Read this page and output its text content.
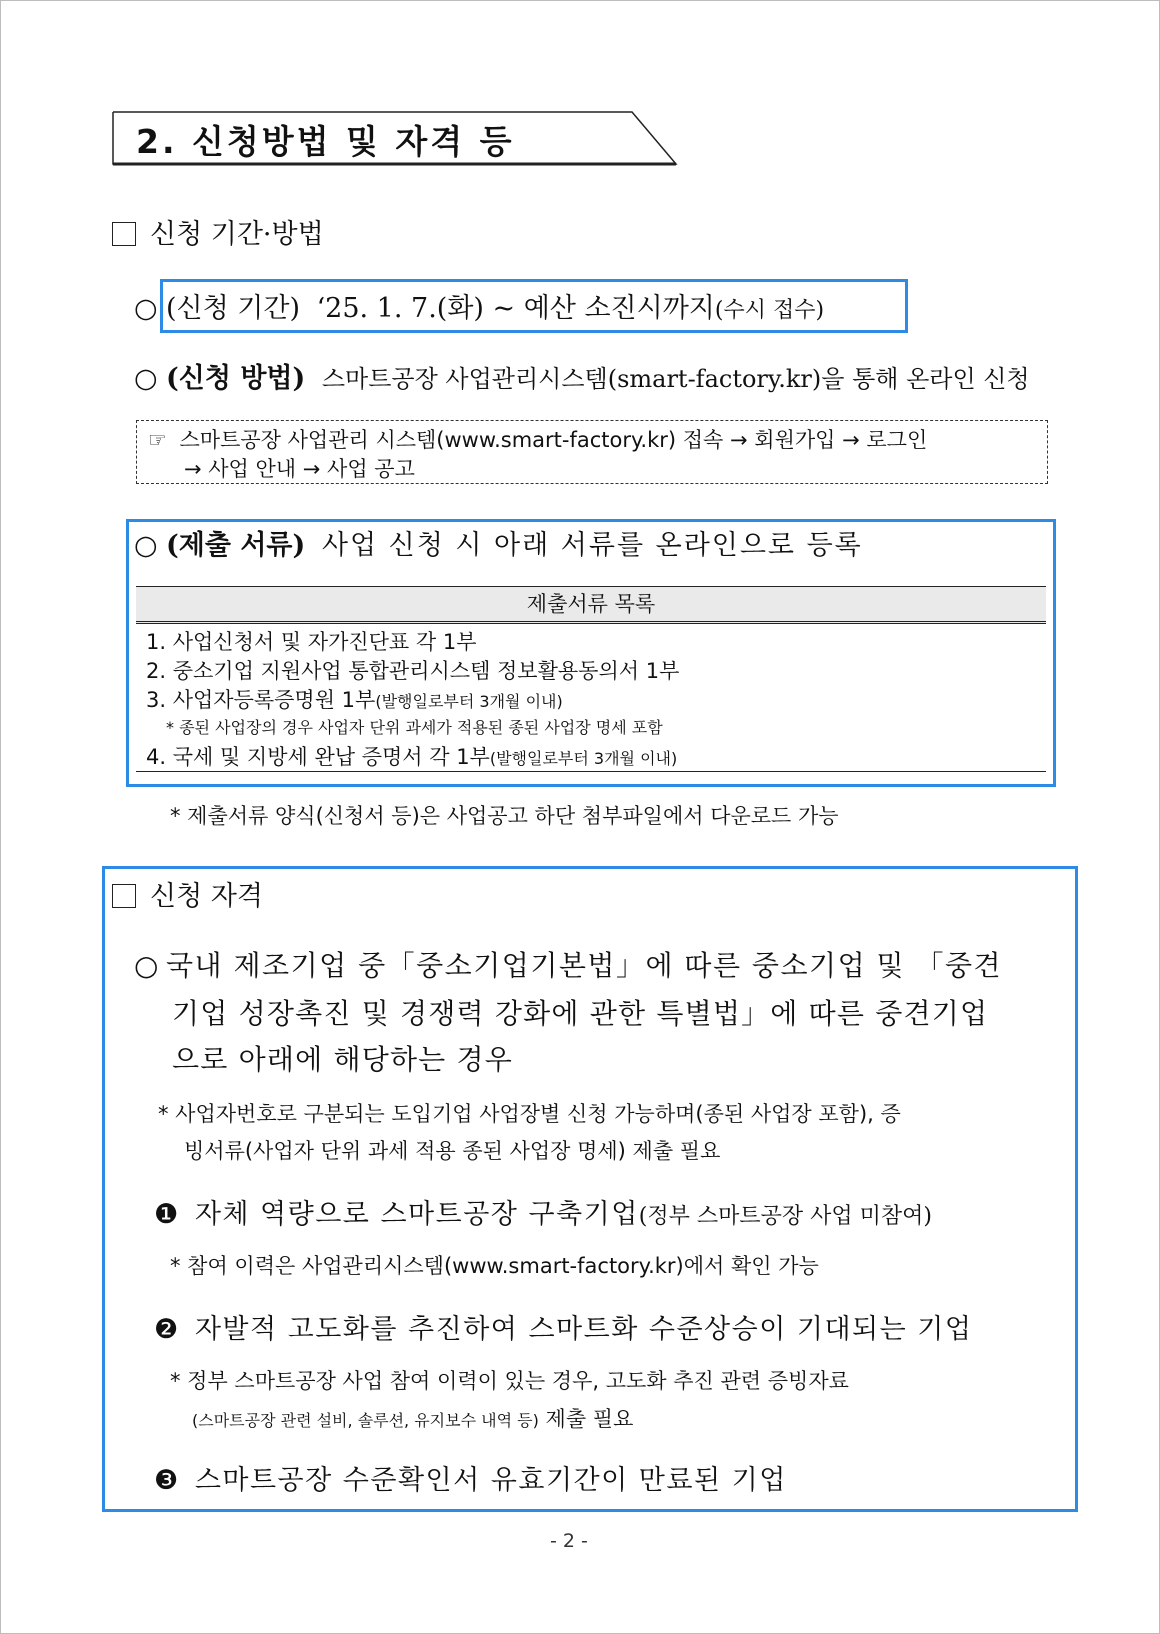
2. 신청방법 및 자격 등
신청 기간·방법
○ (신청 기간) ‘25. 1. 7.(화) ~ 예산 소진시까지(수시 접수)
○ (신청 방법) 스마트공장 사업관리시스템(smart-factory.kr)을 통해 온라인 신청
☞ 스마트공장 사업관리 시스템(www.smart-factory.kr) 접속 → 회원가입 → 로그인
→ 사업 안내 → 사업 공고
○ (제출 서류) 사업 신청 시 아래 서류를 온라인으로 등록
제출서류 목록
1. 사업신청서 및 자가진단표 각 1부
2. 중소기업 지원사업 통합관리시스템 정보활용동의서 1부
3. 사업자등록증명원 1부(발행일로부터 3개월 이내)
* 종된 사업장의 경우 사업자 단위 과세가 적용된 종된 사업장 명세 포함
4. 국세 및 지방세 완납 증명서 각 1부(발행일로부터 3개월 이내)
* 제출서류 양식(신청서 등)은 사업공고 하단 첨부파일에서 다운로드 가능
신청 자격
○ 국내 제조기업 중「중소기업기본법」에 따른 중소기업 및 「중견
기업 성장촉진 및 경쟁력 강화에 관한 특별법」에 따른 중견기업
으로 아래에 해당하는 경우
* 사업자번호로 구분되는 도입기업 사업장별 신청 가능하며(종된 사업장 포함), 증
빙서류(사업자 단위 과세 적용 종된 사업장 명세) 제출 필요
❶ 자체 역량으로 스마트공장 구축기업(정부 스마트공장 사업 미참여)
* 참여 이력은 사업관리시스템(www.smart-factory.kr)에서 확인 가능
❷ 자발적 고도화를 추진하여 스마트화 수준상승이 기대되는 기업
* 정부 스마트공장 사업 참여 이력이 있는 경우, 고도화 추진 관련 증빙자료
(스마트공장 관련 설비, 솔루션, 유지보수 내역 등) 제출 필요
❸ 스마트공장 수준확인서 유효기간이 만료된 기업
- 2 -
